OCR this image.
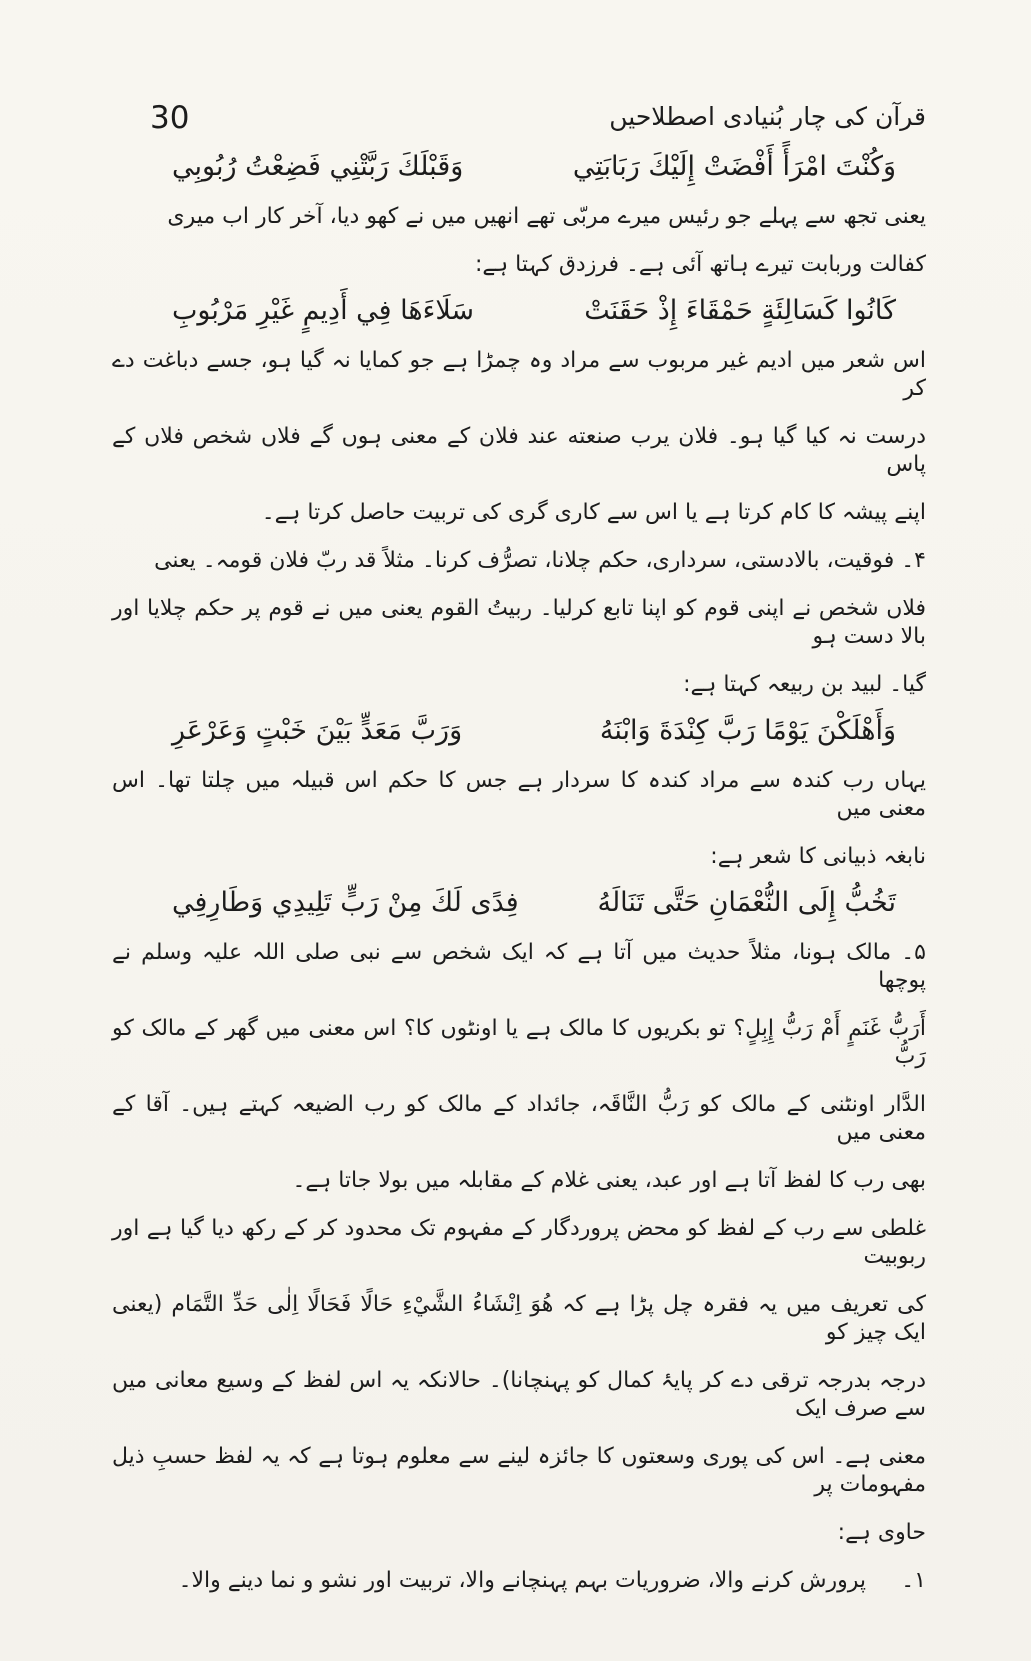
30	قرآن کی چار بُنیادی اصطلاحیں
وَكُنْتَ امْرَأً أَفْضَتْ إِلَيْكَ رَبَابَتِي
وَقَبْلَكَ رَبَّتْنِي فَضِعْتُ رُبُوبِي

یعنی تجھ سے پہلے جو رئیس میرے مربّی تھے انھیں میں نے کھو دیا، آخر کار اب میری

کفالت وربابت تیرے ہاتھ آئی ہے۔ فرزدق کہتا ہے:

كَانُوا كَسَالِئَةٍ حَمْقَاءَ إِذْ حَقَنَتْ
سَلَاءَهَا فِي أَدِيمٍ غَيْرِ مَرْبُوبِ

اس شعر میں ادیم غیر مربوب سے مراد وہ چمڑا ہے جو کمایا نہ گیا ہو، جسے دباغت دے کر

درست نہ کیا گیا ہو۔ فلان یرب صنعته عند فلان کے معنی ہوں گے فلاں شخص فلاں کے پاس

اپنے پیشہ کا کام کرتا ہے یا اس سے کاری گری کی تربیت حاصل کرتا ہے۔

۴۔ فوقیت، بالادستی، سرداری، حکم چلانا، تصرُّف کرنا۔ مثلاً قد ربّ فلان قومہ۔ یعنی

فلاں شخص نے اپنی قوم کو اپنا تابع کرلیا۔ ربیتُ القوم یعنی میں نے قوم پر حکم چلایا اور بالا دست ہو

گیا۔ لبید بن ربیعہ کہتا ہے:

وَأَهْلَكْنَ يَوْمًا رَبَّ كِنْدَةَ وَابْنَهُ
وَرَبَّ مَعَدٍّ بَيْنَ خَبْتٍ وَعَرْعَرِ

یہاں رب کندہ سے مراد کندہ کا سردار ہے جس کا حکم اس قبیلہ میں چلتا تھا۔ اس معنی میں

نابغہ ذبیانی کا شعر ہے:

تَخُبُّ إِلَى النُّعْمَانِ حَتَّى تَنَالَهُ
فِدًى لَكَ مِنْ رَبٍّ تَلِيدِي وَطَارِفِي

۵۔ مالک ہونا، مثلاً حدیث میں آتا ہے کہ ایک شخص سے نبی صلی اللہ علیہ وسلم نے پوچھا

أَرَبُّ غَنَمٍ أَمْ رَبُّ إِبِلٍ؟ تو بکریوں کا مالک ہے یا اونٹوں کا؟ اس معنی میں گھر کے مالک کو رَبُّ

الدَّار اونٹنی کے مالک کو رَبُّ النَّاقَہ، جائداد کے مالک کو رب الضیعہ کہتے ہیں۔ آقا کے معنی میں

بھی رب کا لفظ آتا ہے اور عبد، یعنی غلام کے مقابلہ میں بولا جاتا ہے۔

غلطی سے رب کے لفظ کو محض پروردگار کے مفہوم تک محدود کر کے رکھ دیا گیا ہے اور ربوبیت

کی تعریف میں یہ فقرہ چل پڑا ہے کہ هُوَ اِنْشَاءُ الشَّيْءِ حَالًا فَحَالًا اِلٰى حَدِّ التَّمَام (یعنی ایک چیز کو

درجہ بدرجہ ترقی دے کر پایۂ کمال کو پہنچانا)۔ حالانکہ یہ اس لفظ کے وسیع معانی میں سے صرف ایک

معنی ہے۔ اس کی پوری وسعتوں کا جائزہ لینے سے معلوم ہوتا ہے کہ یہ لفظ حسبِ ذیل مفہومات پر

حاوی ہے:

١۔
پرورش کرنے والا، ضروریات بہم پہنچانے والا، تربیت اور نشو و نما دینے والا۔
